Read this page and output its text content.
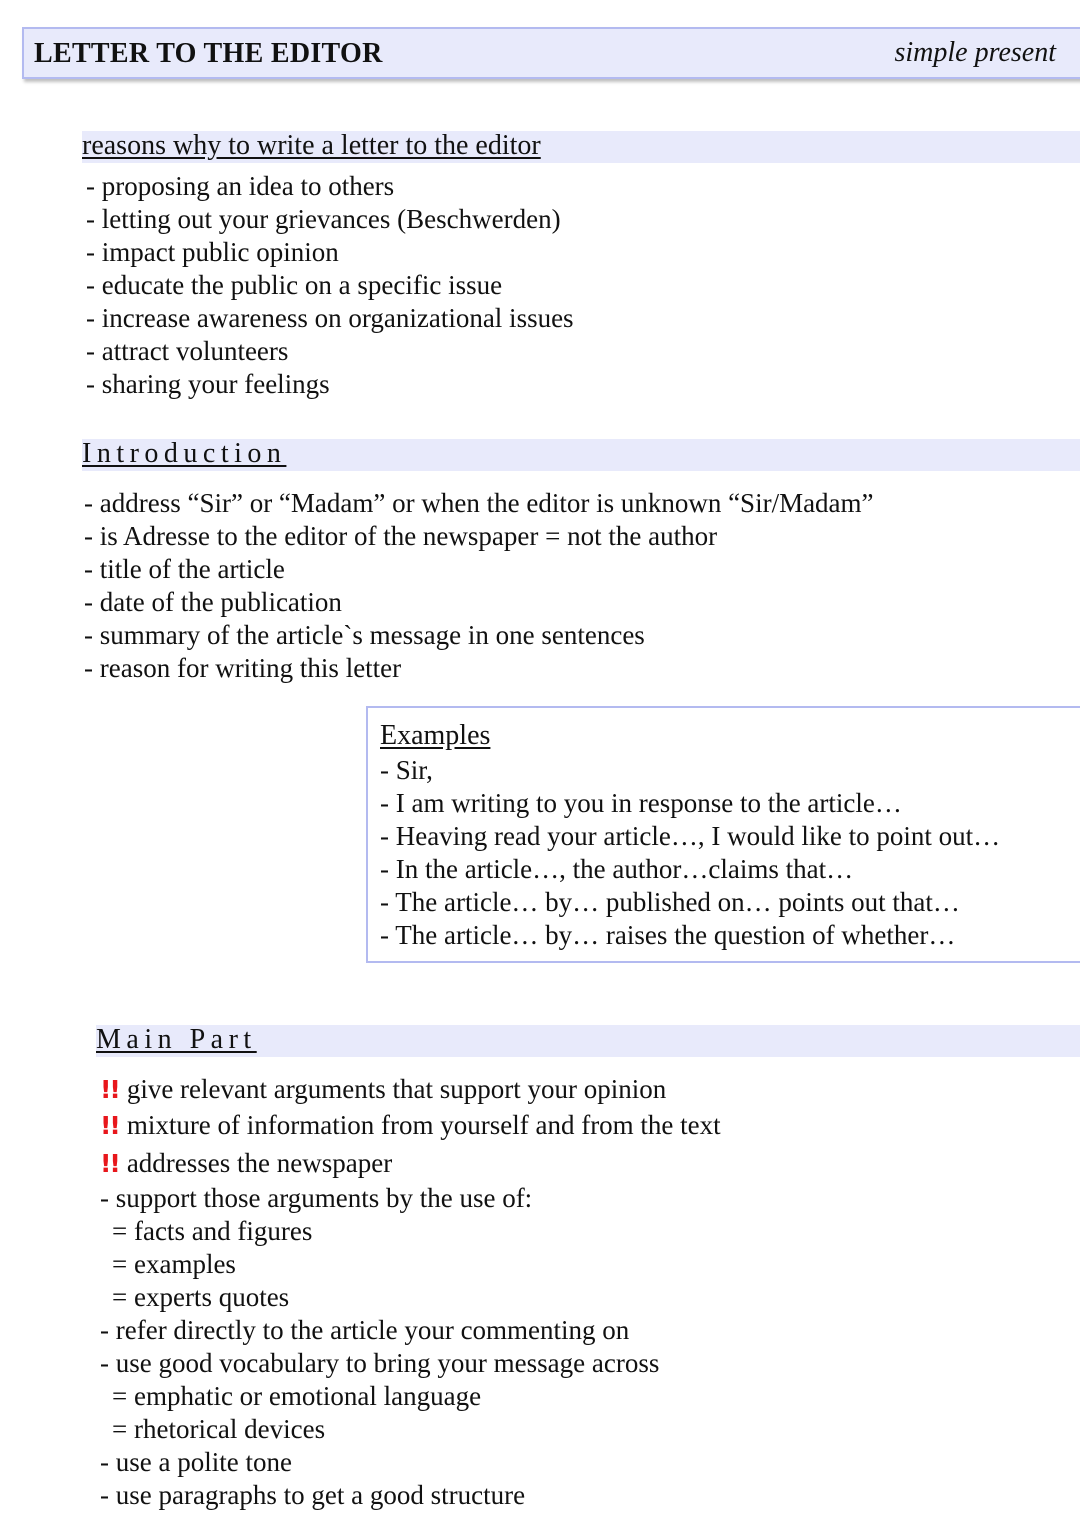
LETTER TO THE EDITOR	simple present
reasons why to write a letter to the editor
- proposing an idea to others
- letting out your grievances (Beschwerden)
- impact public opinion
- educate the public on a specific issue
- increase awareness on organizational issues
- attract volunteers
- sharing your feelings
Introduction
- address “Sir” or “Madam” or when the editor is unknown “Sir/Madam”
- is Adresse to the editor of the newspaper = not the author
- title of the article
- date of the publication
- summary of the article`s message in one sentences
- reason for writing this letter
Examples
- Sir,
- I am writing to you in response to the article…
- Heaving read your article…, I would like to point out…
- In the article…, the author…claims that…
- The article… by… published on… points out that…
- The article… by… raises the question of whether…
Main Part
!! give relevant arguments that support your opinion
!! mixture of information from yourself and from the text
!! addresses the newspaper
- support those arguments by the use of:
= facts and figures
= examples
= experts quotes
- refer directly to the article your commenting on
- use good vocabulary to bring your message across
= emphatic or emotional language
= rhetorical devices
- use a polite tone
- use paragraphs to get a good structure
